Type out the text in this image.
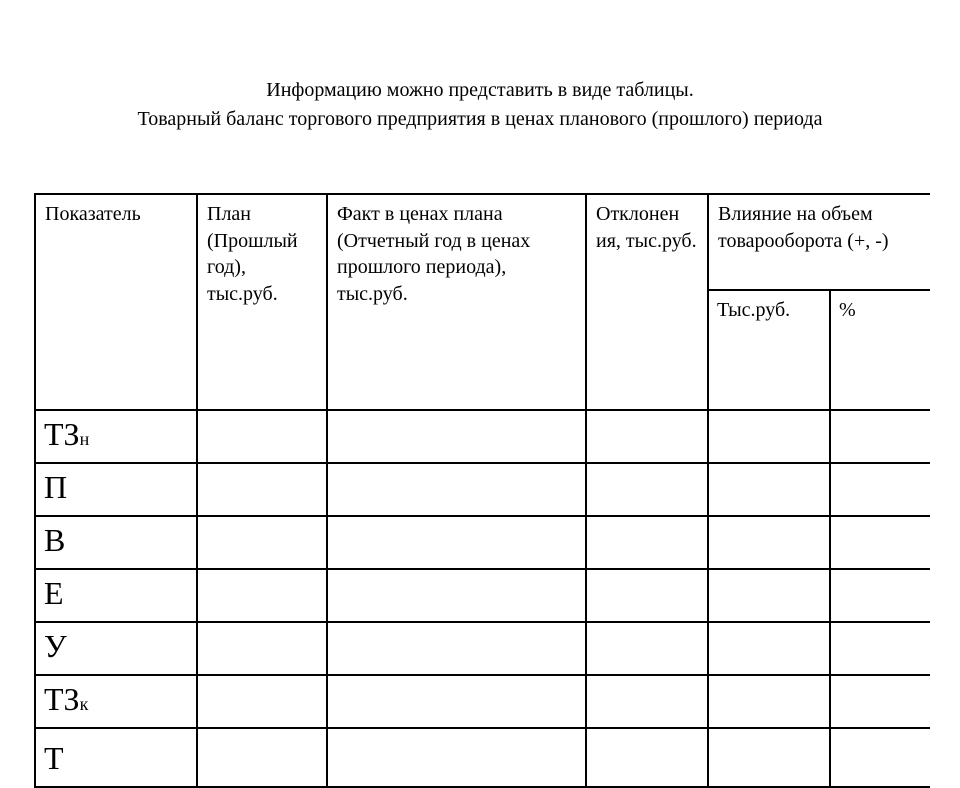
Информацию можно представить в виде таблицы.
Товарный баланс торгового предприятия в ценах планового (прошлого) периода
Показатель	План (Прошлый год), тыс.руб.	Факт в ценах плана (Отчетный год в ценах прошлого периода), тыс.руб.	Отклонен ия, тыс.руб.	Влияние на объем товарооборота (+, -)	
				Тыс.руб.	%
ТЗн					
П					
В					
Е					
У					
ТЗк					
Т					
